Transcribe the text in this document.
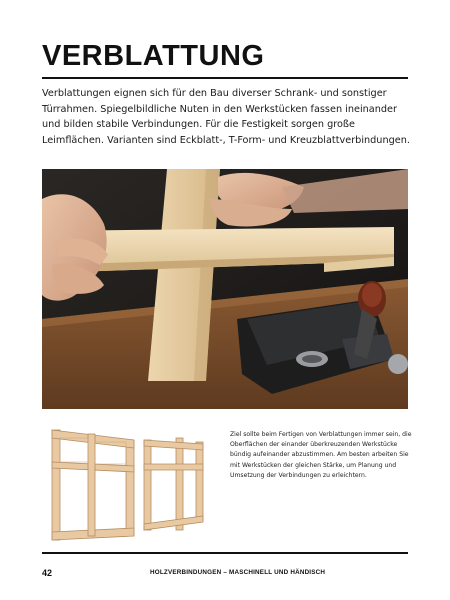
VERBLATTUNG
Verblattungen eignen sich für den Bau diverser Schrank- und sonstiger Türrahmen. Spiegelbildliche Nuten in den Werkstücken fassen ineinander und bilden stabile Verbindungen. Für die Festigkeit sorgen große Leimflächen. Varianten sind Eckblatt-, T-Form- und Kreuzblattverbindungen.
Ziel sollte beim Fertigen von Verblattungen immer sein, die Oberflächen der einander überkreuzenden Werkstücke bündig aufeinander abzustimmen. Am besten arbeiten Sie mit Werkstücken der gleichen Stärke, um Planung und Umsetzung der Verbindungen zu erleichtern.
42	HOLZVERBINDUNGEN – MASCHINELL UND HÄNDISCH
